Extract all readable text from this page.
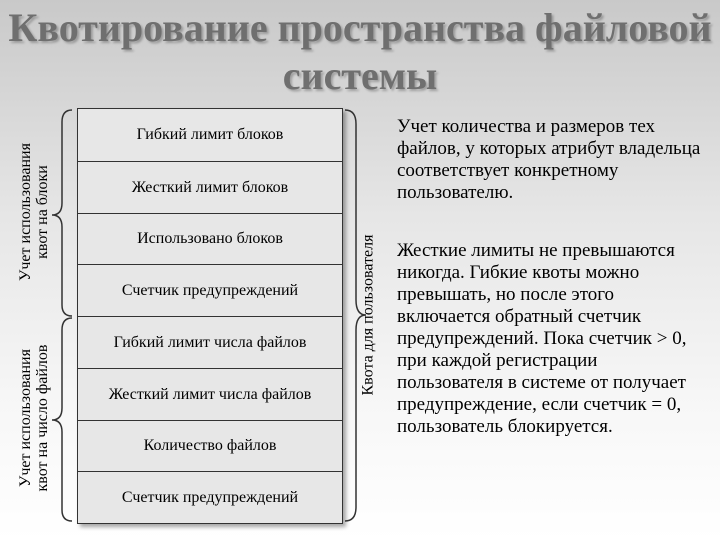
Квотирование пространства файловой
системы
Гибкий лимит блоков
Жесткий лимит блоков
Использовано блоков
Счетчик предупреждений
Гибкий лимит числа файлов
Жесткий лимит числа файлов
Количество файлов
Счетчик предупреждений
Учет использования квот на блоки
Учет использования квот на число файлов
Квота для пользователя
Учет количества и размеров тех файлов, у которых атрибут владельца соответствует конкретному пользователю.
Жесткие лимиты не превышаются никогда. Гибкие квоты можно превышать, но после этого включается обратный счетчик предупреждений. Пока счетчик > 0, при каждой регистрации пользователя в системе от получает предупреждение, если счетчик = 0, пользователь блокируется.
